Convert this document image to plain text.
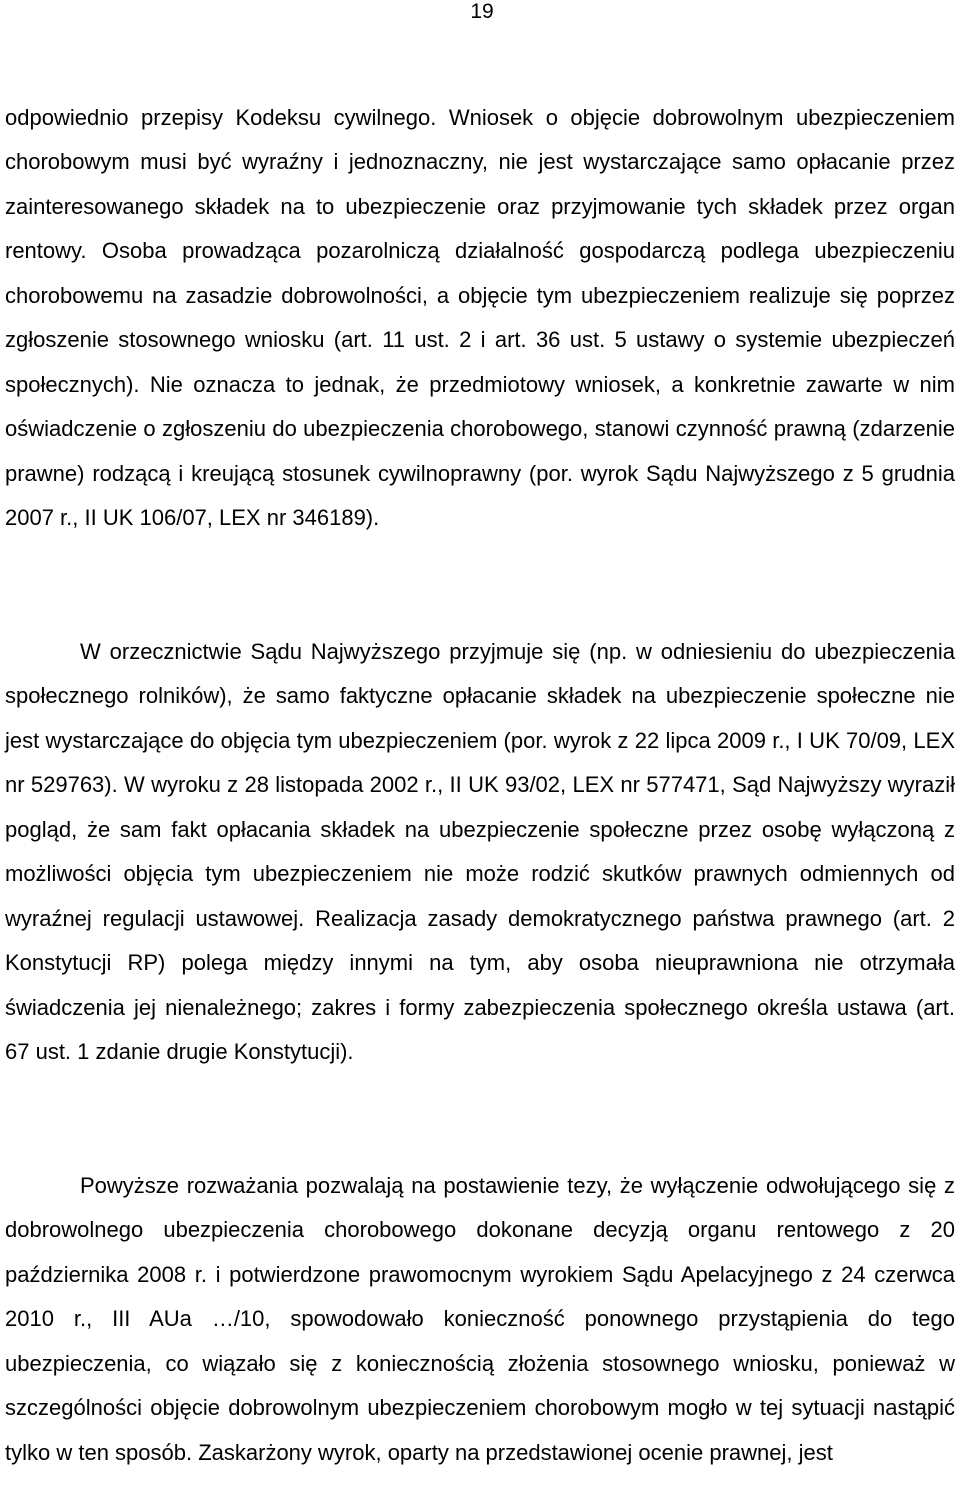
19

odpowiednio przepisy Kodeksu cywilnego. Wniosek o objęcie dobrowolnym ubezpieczeniem chorobowym musi być wyraźny i jednoznaczny, nie jest wystarczające samo opłacanie przez zainteresowanego składek na to ubezpieczenie oraz przyjmowanie tych składek przez organ rentowy. Osoba prowadząca pozarolniczą działalność gospodarczą podlega ubezpieczeniu chorobowemu na zasadzie dobrowolności, a objęcie tym ubezpieczeniem realizuje się poprzez zgłoszenie stosownego wniosku (art. 11 ust. 2 i art. 36 ust. 5 ustawy o systemie ubezpieczeń społecznych). Nie oznacza to jednak, że przedmiotowy wniosek, a konkretnie zawarte w nim oświadczenie o zgłoszeniu do ubezpieczenia chorobowego, stanowi czynność prawną (zdarzenie prawne) rodzącą i kreującą stosunek cywilnoprawny (por. wyrok Sądu Najwyższego z 5 grudnia 2007 r., II UK 106/07, LEX nr 346189).

W orzecznictwie Sądu Najwyższego przyjmuje się (np. w odniesieniu do ubezpieczenia społecznego rolników), że samo faktyczne opłacanie składek na ubezpieczenie społeczne nie jest wystarczające do objęcia tym ubezpieczeniem (por. wyrok z 22 lipca 2009 r., I UK 70/09, LEX nr 529763). W wyroku z 28 listopada 2002 r., II UK 93/02, LEX nr 577471, Sąd Najwyższy wyraził pogląd, że sam fakt opłacania składek na ubezpieczenie społeczne przez osobę wyłączoną z możliwości objęcia tym ubezpieczeniem nie może rodzić skutków prawnych odmiennych od wyraźnej regulacji ustawowej. Realizacja zasady demokratycznego państwa prawnego (art. 2 Konstytucji RP) polega między innymi na tym, aby osoba nieuprawniona nie otrzymała świadczenia jej nienależnego; zakres i formy zabezpieczenia społecznego określa ustawa (art. 67 ust. 1 zdanie drugie Konstytucji).

Powyższe rozważania pozwalają na postawienie tezy, że wyłączenie odwołującego się z dobrowolnego ubezpieczenia chorobowego dokonane decyzją organu rentowego z 20 października 2008 r. i potwierdzone prawomocnym wyrokiem Sądu Apelacyjnego z 24 czerwca 2010 r., III AUa …/10, spowodowało konieczność ponownego przystąpienia do tego ubezpieczenia, co wiązało się z koniecznością złożenia stosownego wniosku, ponieważ w szczególności objęcie dobrowolnym ubezpieczeniem chorobowym mogło w tej sytuacji nastąpić tylko w ten sposób. Zaskarżony wyrok, oparty na przedstawionej ocenie prawnej, jest
